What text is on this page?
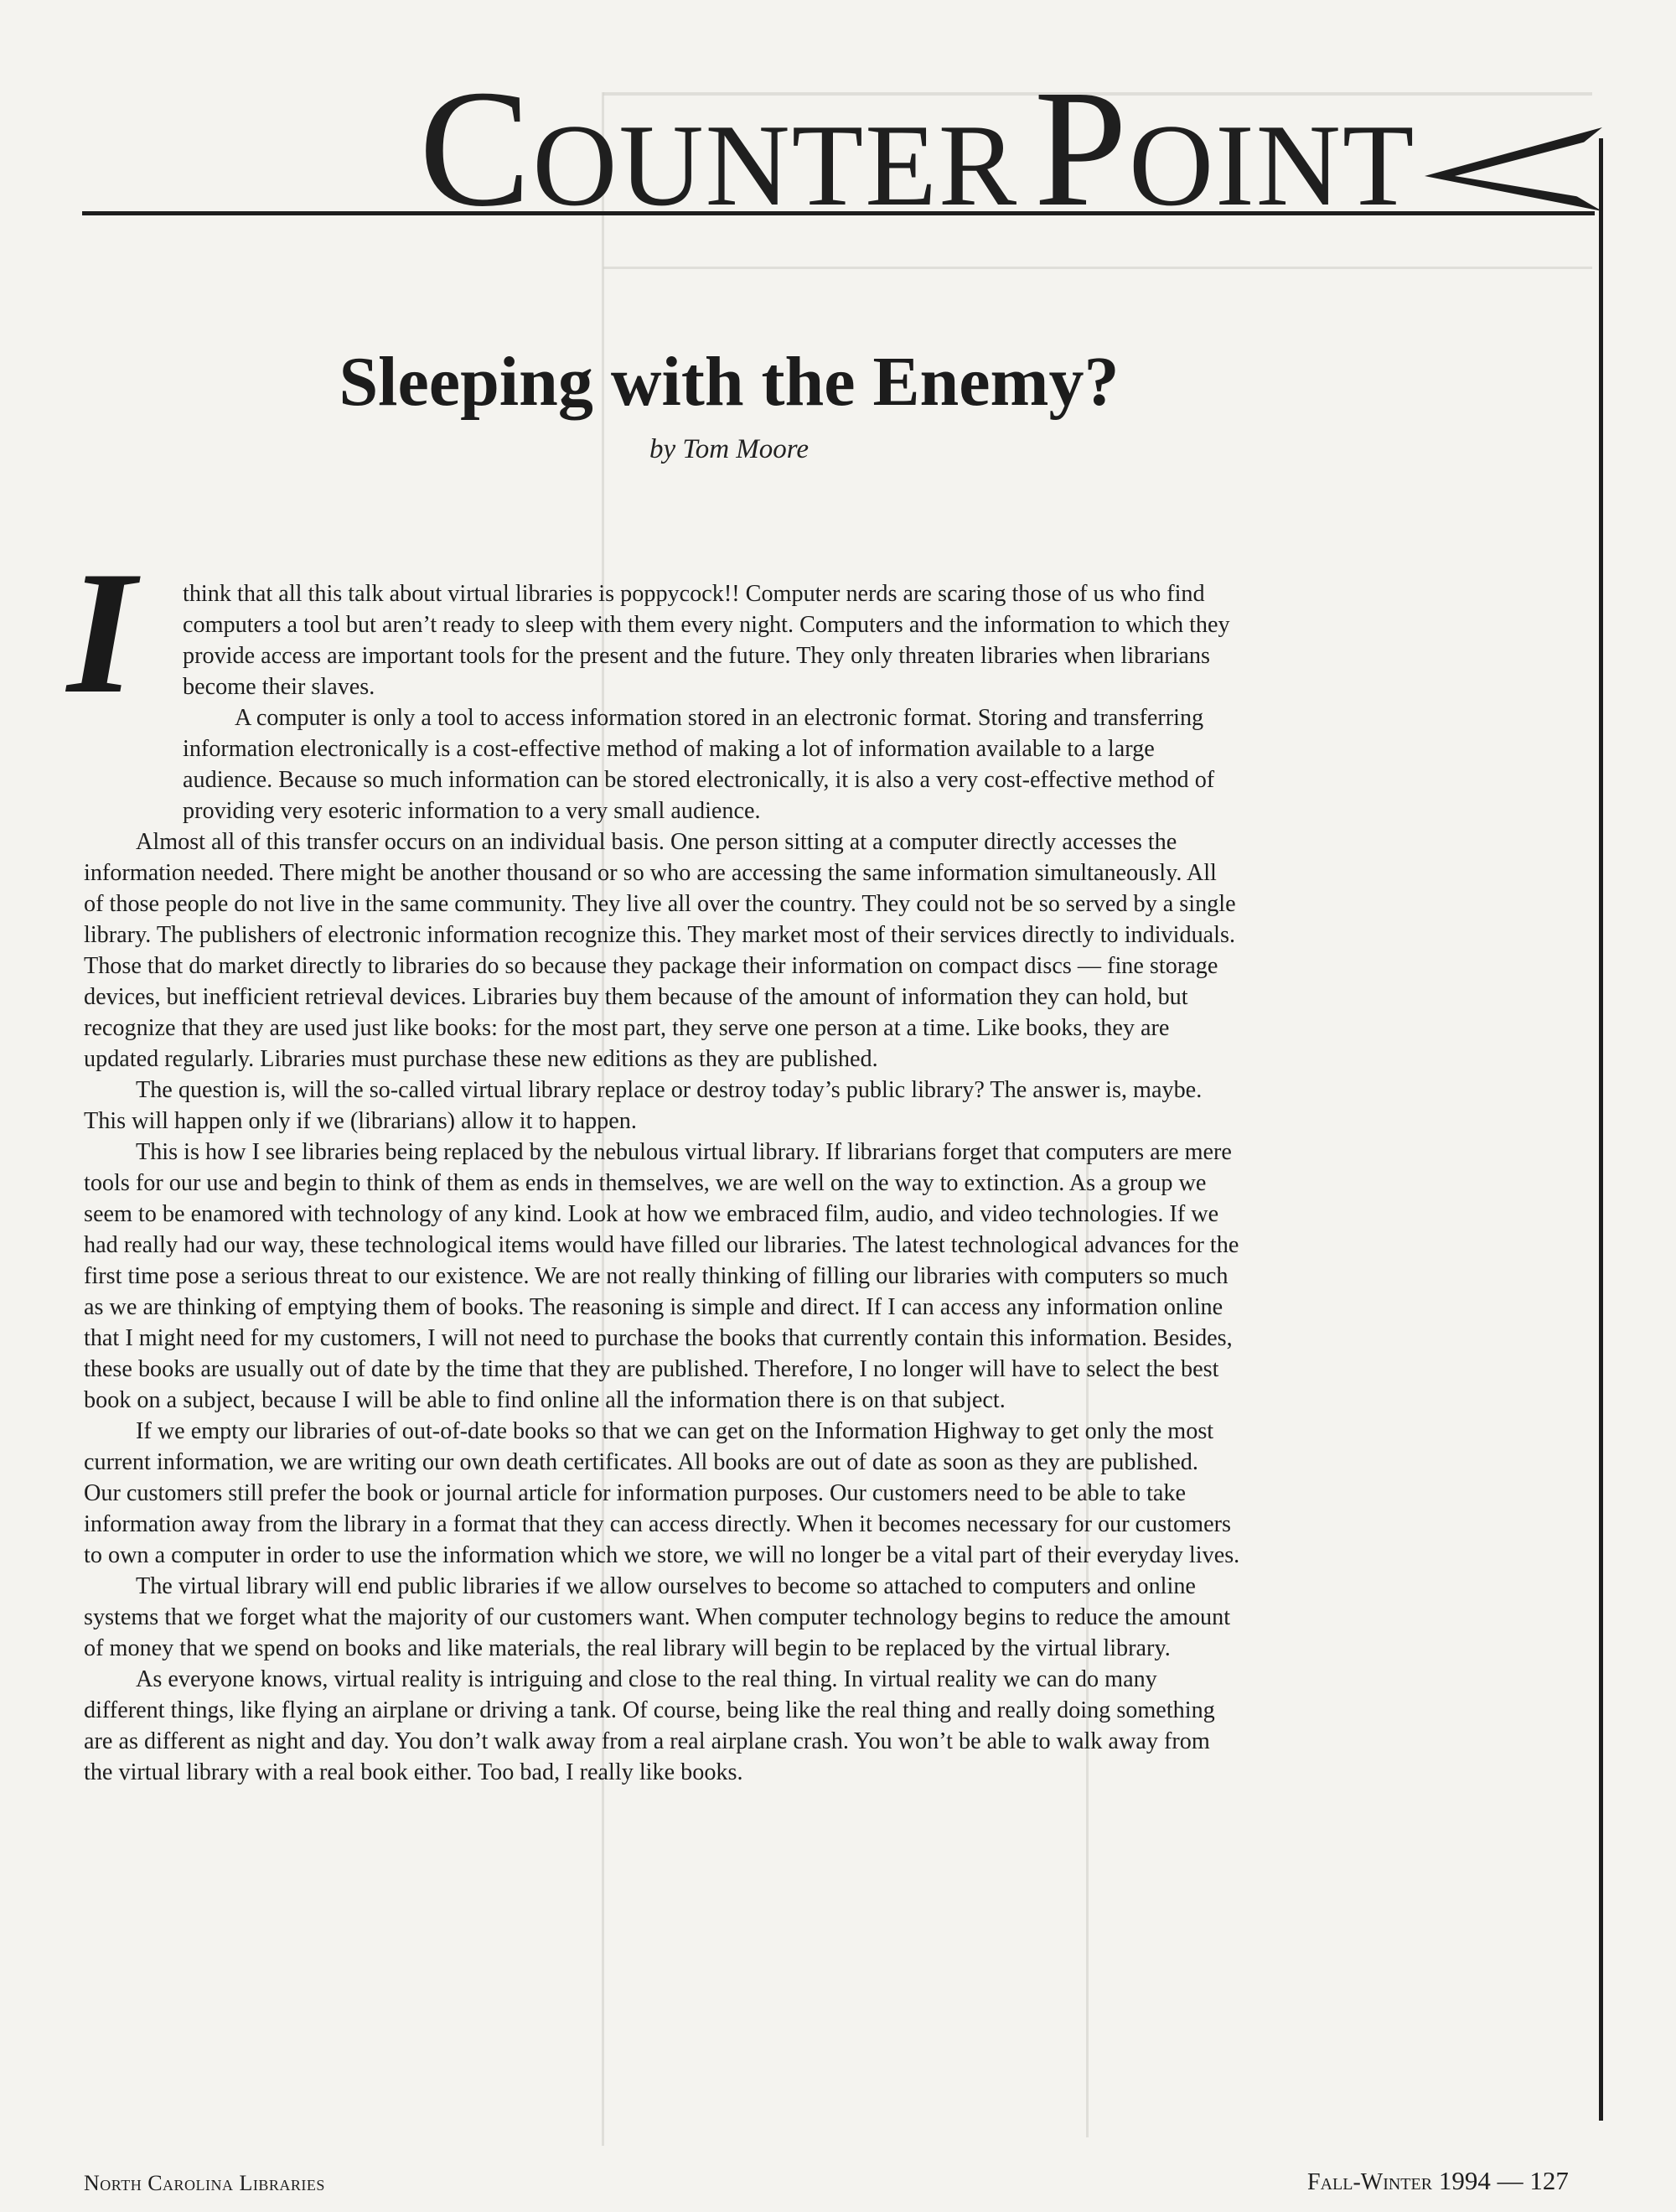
Counter Point
Sleeping with the Enemy?
by Tom Moore
I	think that all this talk about virtual libraries is poppycock!! Computer nerds are scaring those of us who find computers a tool but aren’t ready to sleep with them every night. Computers and the information to which they provide access are important tools for the present and the future. They only threaten libraries when librarians become their slaves.

A computer is only a tool to access information stored in an electronic format. Storing and transferring information electronically is a cost-effective method of making a lot of information available to a large audience. Because so much information can be stored electronically, it is also a very cost-effective method of providing very esoteric information to a very small audience.

Almost all of this transfer occurs on an individual basis. One person sitting at a computer directly accesses the information needed. There might be another thousand or so who are accessing the same information simultaneously. All of those people do not live in the same community. They live all over the country. They could not be so served by a single library. The publishers of electronic information recognize this. They market most of their services directly to individuals. Those that do market directly to libraries do so because they package their information on compact discs — fine storage devices, but inefficient retrieval devices. Libraries buy them because of the amount of information they can hold, but recognize that they are used just like books: for the most part, they serve one person at a time. Like books, they are updated regularly. Libraries must purchase these new editions as they are published.

The question is, will the so-called virtual library replace or destroy today’s public library? The answer is, maybe. This will happen only if we (librarians) allow it to happen.

This is how I see libraries being replaced by the nebulous virtual library. If librarians forget that computers are mere tools for our use and begin to think of them as ends in themselves, we are well on the way to extinction. As a group we seem to be enamored with technology of any kind. Look at how we embraced film, audio, and video technologies. If we had really had our way, these technological items would have filled our libraries. The latest technological advances for the first time pose a serious threat to our existence. We are not really thinking of filling our libraries with computers so much as we are thinking of emptying them of books. The reasoning is simple and direct. If I can access any information online that I might need for my customers, I will not need to purchase the books that currently contain this information. Besides, these books are usually out of date by the time that they are published. Therefore, I no longer will have to select the best book on a subject, because I will be able to find online all the information there is on that subject.

If we empty our libraries of out-of-date books so that we can get on the Information Highway to get only the most current information, we are writing our own death certificates. All books are out of date as soon as they are published. Our customers still prefer the book or journal article for information purposes. Our customers need to be able to take information away from the library in a format that they can access directly. When it becomes necessary for our customers to own a computer in order to use the information which we store, we will no longer be a vital part of their everyday lives.

The virtual library will end public libraries if we allow ourselves to become so attached to computers and online systems that we forget what the majority of our customers want. When computer technology begins to reduce the amount of money that we spend on books and like materials, the real library will begin to be replaced by the virtual library.

As everyone knows, virtual reality is intriguing and close to the real thing. In virtual reality we can do many different things, like flying an airplane or driving a tank. Of course, being like the real thing and really doing something are as different as night and day. You don’t walk away from a real airplane crash. You won’t be able to walk away from the virtual library with a real book either. Too bad, I really like books.

North Carolina Libraries	Fall-Winter 1994 — 127
